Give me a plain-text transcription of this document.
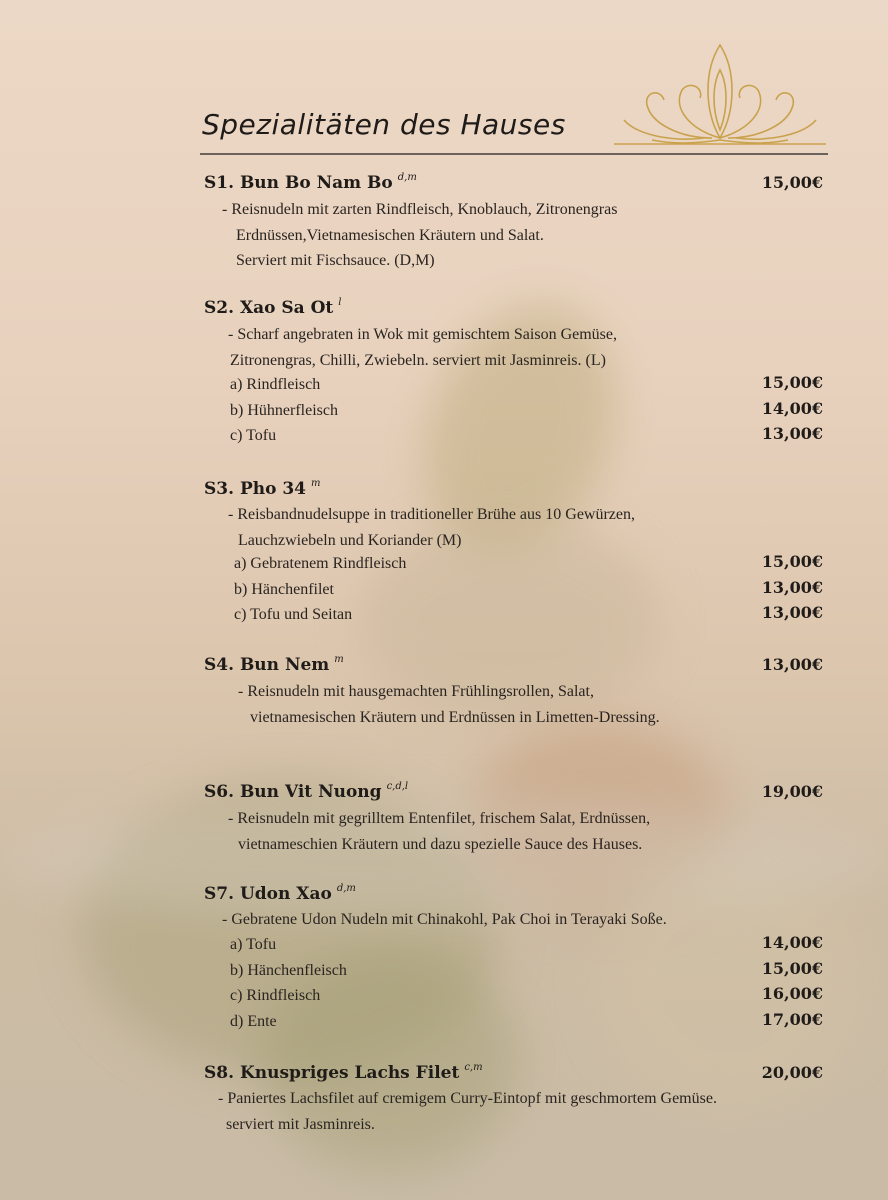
Spezialitäten des Hauses
S1. Bun Bo Nam Bo $^{d,m}$	15,00€
- Reisnudeln mit zarten Rindfleisch, Knoblauch, Zitronengras
Erdnüssen,Vietnamesischen Kräutern und Salat.
Serviert mit Fischsauce. (D,M)
S2. Xao Sa Ot $^l$
- Scharf angebraten in Wok mit gemischtem Saison Gemüse,
Zitronengras, Chilli, Zwiebeln. serviert mit Jasminreis. (L)
a) Rindfleisch	15,00€
b) Hühnerfleisch	14,00€
c) Tofu	13,00€
S3. Pho 34 $^m$
- Reisbandnudelsuppe in traditioneller Brühe aus 10 Gewürzen,
Lauchzwiebeln und Koriander (M)
a) Gebratenem Rindfleisch	15,00€
b) Hänchenfilet	13,00€
c) Tofu und Seitan	13,00€
S4. Bun Nem $^m$	13,00€
- Reisnudeln mit hausgemachten Frühlingsrollen, Salat,
vietnamesischen Kräutern und Erdnüssen in Limetten-Dressing.
S6. Bun Vit Nuong $^{c,d,l}$	19,00€
- Reisnudeln mit gegrilltem Entenfilet, frischem Salat, Erdnüssen,
vietnameschien Kräutern und dazu spezielle Sauce des Hauses.
S7. Udon Xao $^{d,m}$
- Gebratene Udon Nudeln mit Chinakohl, Pak Choi in Terayaki Soße.
a) Tofu	14,00€
b) Hänchenfleisch	15,00€
c) Rindfleisch	16,00€
d) Ente	17,00€
S8. Knuspriges Lachs Filet $^{c,m}$	20,00€
- Paniertes Lachsfilet auf cremigem Curry-Eintopf mit geschmortem Gemüse.
serviert mit Jasminreis.
